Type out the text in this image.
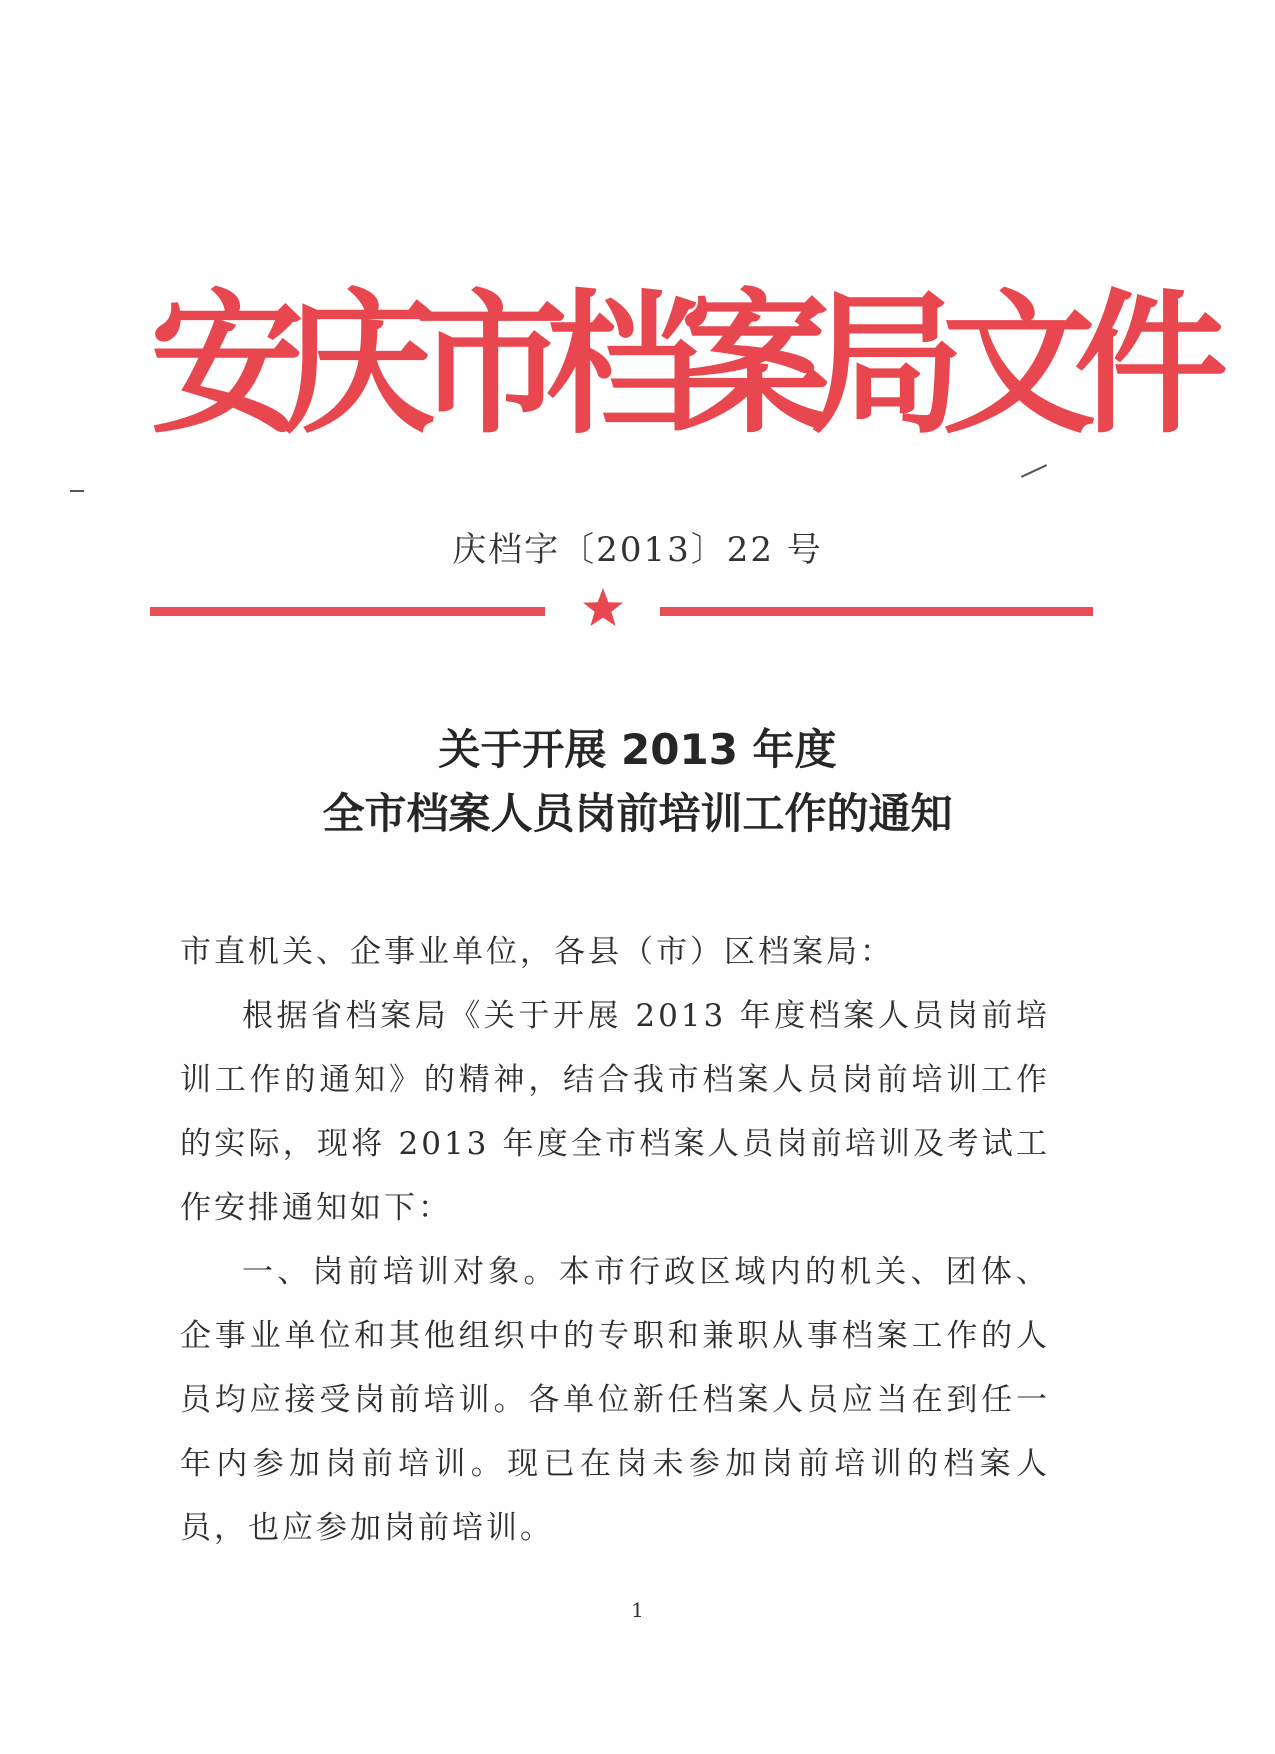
安庆市档案局文件
庆档字〔2013〕22 号
关于开展 2013 年度
全市档案人员岗前培训工作的通知
市直机关、企事业单位，各县（市）区档案局：
根据省档案局《关于开展 2013 年度档案人员岗前培训工作的通知》的精神，结合我市档案人员岗前培训工作的实际，现将 2013 年度全市档案人员岗前培训及考试工作安排通知如下：
一、岗前培训对象。本市行政区域内的机关、团体、企事业单位和其他组织中的专职和兼职从事档案工作的人员均应接受岗前培训。各单位新任档案人员应当在到任一年内参加岗前培训。现已在岗未参加岗前培训的档案人员，也应参加岗前培训。
1
